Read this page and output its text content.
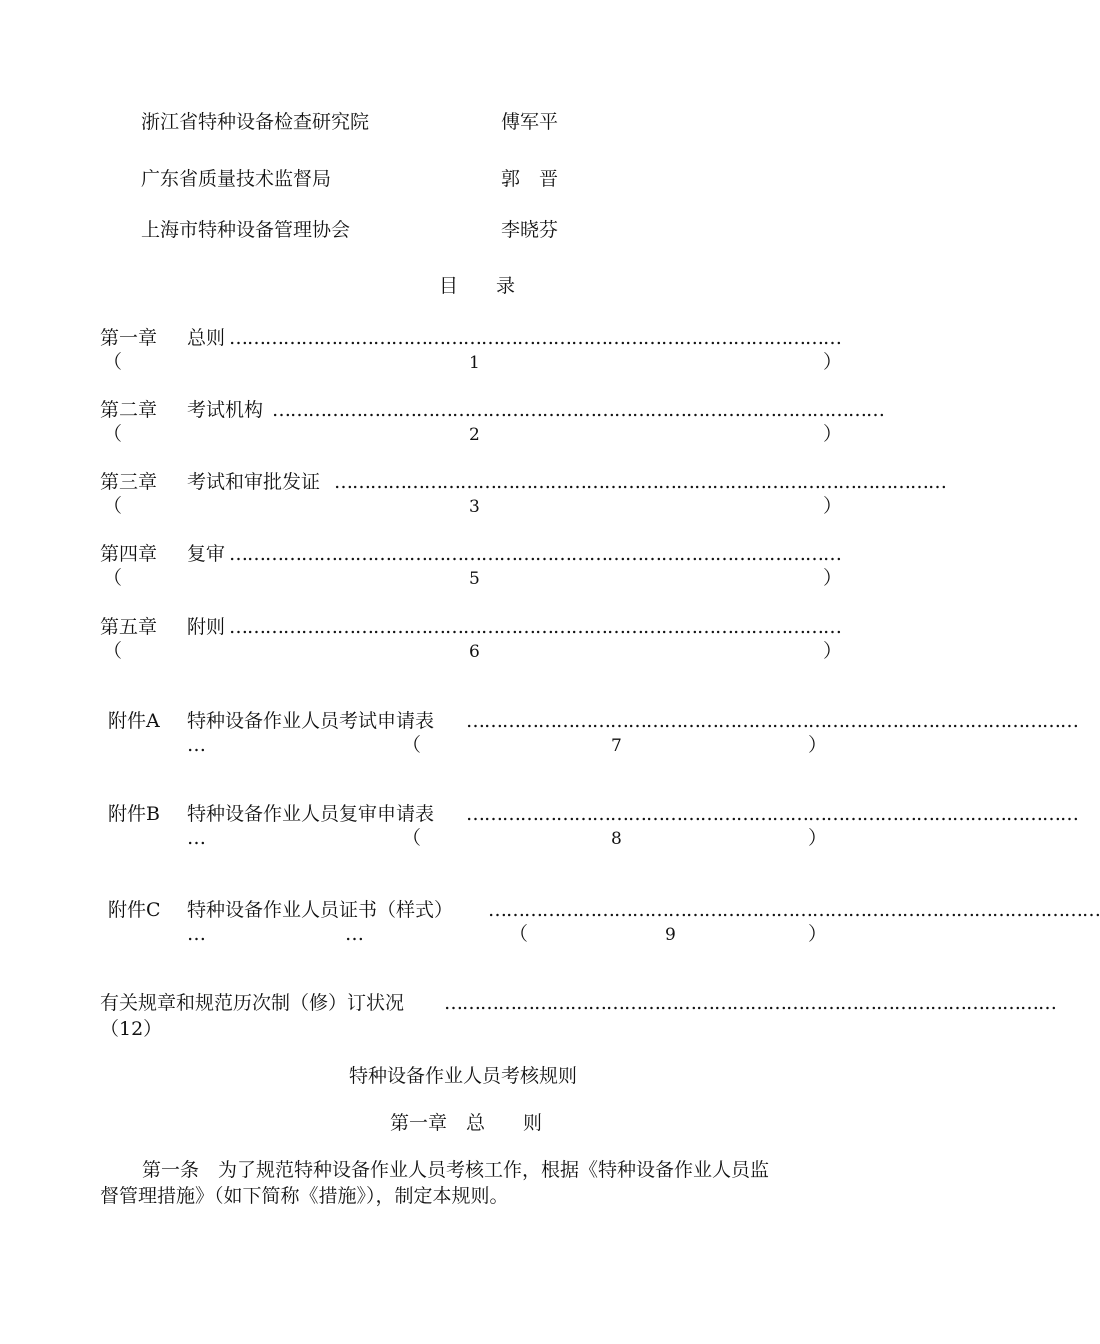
浙江省特种设备检查研究院	傅军平
广东省质量技术监督局	郭　晋
上海市特种设备管理协会	李晓芬
目　　录
第一章 总则 …………………………………………………………………………………………
（	1	）
第二章 考试机构 …………………………………………………………………………………………
（	2	）
第三章 考试和审批发证 …………………………………………………………………………………………
（	3	）
第四章 复审 …………………………………………………………………………………………
（	5	）
第五章 附则 …………………………………………………………………………………………
（	6	）
附件A 特种设备作业人员考试申请表 …………………………………………………………………………………………
…	（	7	）
附件B 特种设备作业人员复审申请表 …………………………………………………………………………………………
…	（	8	）
附件C 特种设备作业人员证书（样式） …………………………………………………………………………………………
…	…	（	9	）
有关规章和规范历次制（修）订状况 …………………………………………………………………………………………
（12）
特种设备作业人员考核规则
第一章　总　　则
第一条　为了规范特种设备作业人员考核工作，根据《特种设备作业人员监
督管理措施》（如下简称《措施》），制定本规则。
